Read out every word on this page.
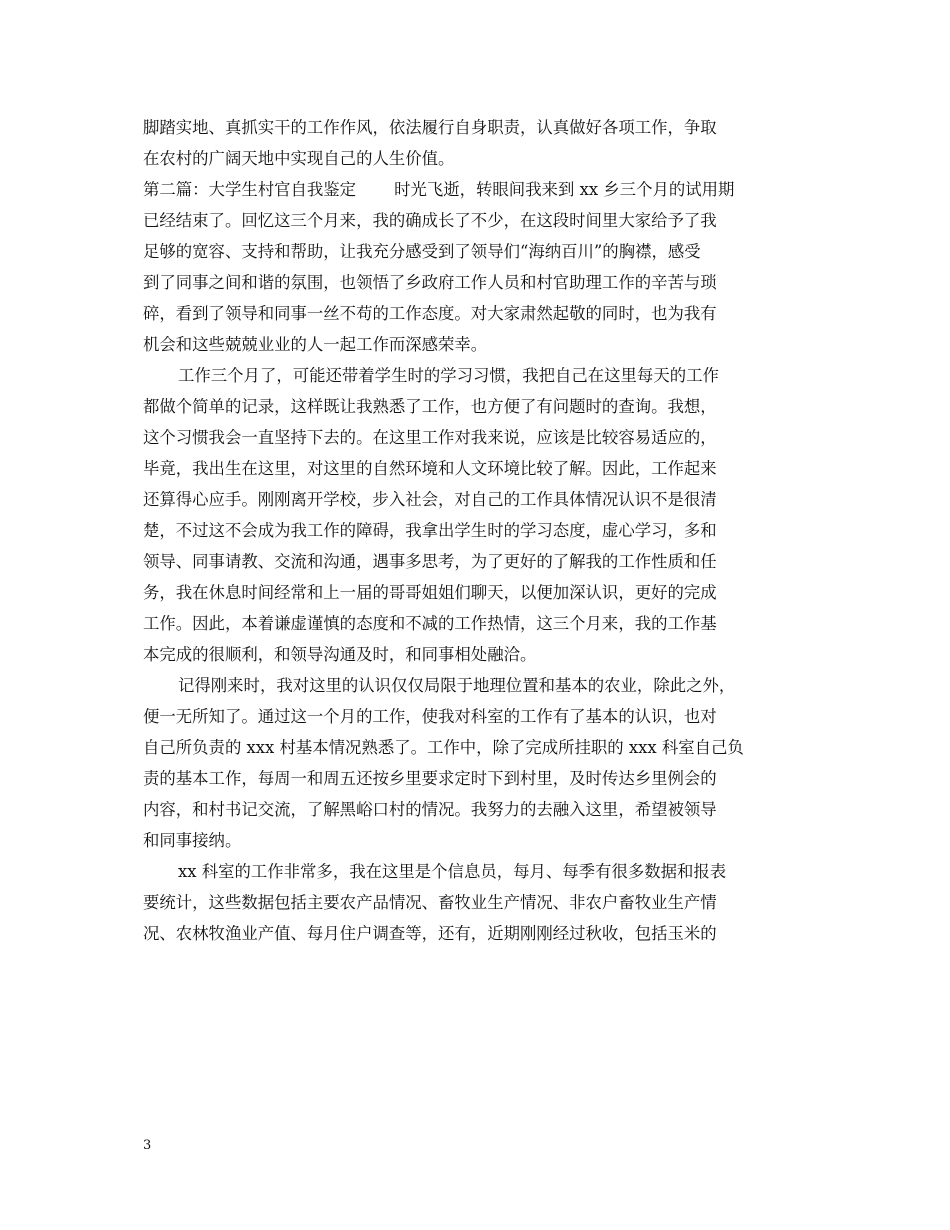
脚踏实地、真抓实干的工作作风，依法履行自身职责，认真做好各项工作，争取
在农村的广阔天地中实现自己的人生价值。
第二篇：大学生村官自我鉴定 时光飞逝，转眼间我来到 xx 乡三个月的试用期
已经结束了。回忆这三个月来，我的确成长了不少，在这段时间里大家给予了我
足够的宽容、支持和帮助，让我充分感受到了领导们“海纳百川”的胸襟，感受
到了同事之间和谐的氛围，也领悟了乡政府工作人员和村官助理工作的辛苦与琐
碎，看到了领导和同事一丝不苟的工作态度。对大家肃然起敬的同时，也为我有
机会和这些兢兢业业的人一起工作而深感荣幸。
工作三个月了，可能还带着学生时的学习习惯，我把自己在这里每天的工作
都做个简单的记录，这样既让我熟悉了工作，也方便了有问题时的查询。我想，
这个习惯我会一直坚持下去的。在这里工作对我来说，应该是比较容易适应的，
毕竟，我出生在这里，对这里的自然环境和人文环境比较了解。因此，工作起来
还算得心应手。刚刚离开学校，步入社会，对自己的工作具体情况认识不是很清
楚，不过这不会成为我工作的障碍，我拿出学生时的学习态度，虚心学习，多和
领导、同事请教、交流和沟通，遇事多思考，为了更好的了解我的工作性质和任
务，我在休息时间经常和上一届的哥哥姐姐们聊天，以便加深认识，更好的完成
工作。因此，本着谦虚谨慎的态度和不减的工作热情，这三个月来，我的工作基
本完成的很顺利，和领导沟通及时，和同事相处融洽。
记得刚来时，我对这里的认识仅仅局限于地理位置和基本的农业，除此之外，
便一无所知了。通过这一个月的工作，使我对科室的工作有了基本的认识，也对
自己所负责的 xxx 村基本情况熟悉了。工作中，除了完成所挂职的 xxx 科室自己负
责的基本工作，每周一和周五还按乡里要求定时下到村里，及时传达乡里例会的
内容，和村书记交流，了解黑峪口村的情况。我努力的去融入这里，希望被领导
和同事接纳。
xx 科室的工作非常多，我在这里是个信息员，每月、每季有很多数据和报表
要统计，这些数据包括主要农产品情况、畜牧业生产情况、非农户畜牧业生产情
况、农林牧渔业产值、每月住户调查等，还有，近期刚刚经过秋收，包括玉米的
3
